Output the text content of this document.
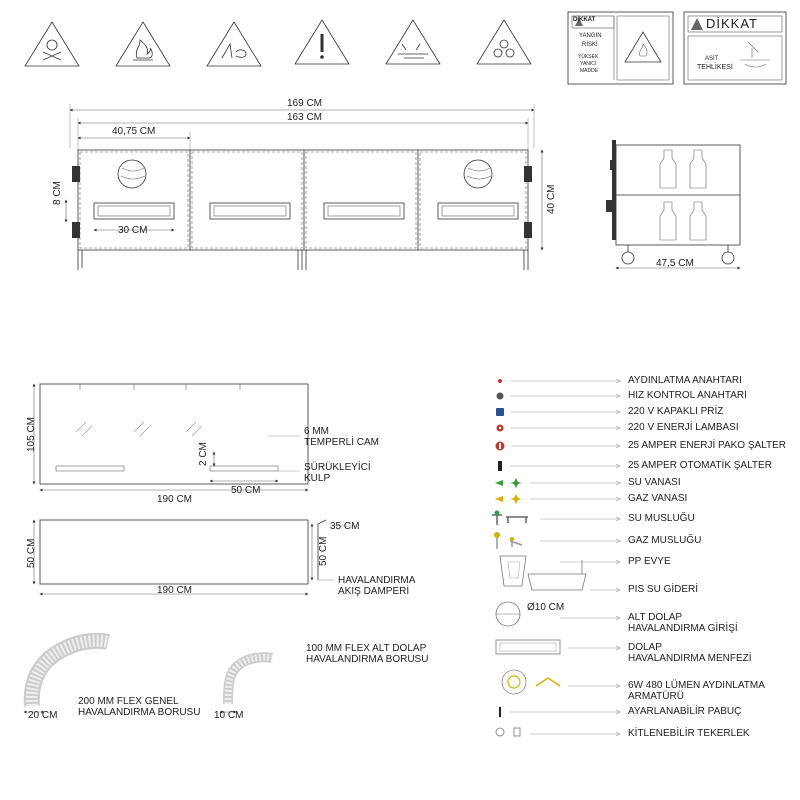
DİKKAT
YANGIN
RİSKİ
YÜKSEK
YANICI
MADDE
DİKKAT
ASİT
TEHLİKESİ
169 CM
163 CM
40,75 CM
30 CM
8 CM	40 CM
47,5 CM
105 CM
190 CM
50 CM
2 CM
6 MM
TEMPERLİ CAM
SÜRÜKLEYİCİ
KULP
50 CM
190 CM
35 CM
50 CM
HAVALANDIRMA
AKIŞ DAMPERİ
100 MM FLEX ALT DOLAP
HAVALANDIRMA BORUSU
200 MM FLEX GENEL
HAVALANDIRMA BORUSU
20 CM	10 CM
AYDINLATMA ANAHTARI
HIZ KONTROL ANAHTARI
220 V KAPAKLI PRİZ
220 V ENERJİ LAMBASI
25 AMPER ENERJİ PAKO ŞALTER
25 AMPER OTOMATİK ŞALTER
SU VANASI
GAZ VANASI
SU MUSLUĞU
GAZ MUSLUĞU
PP EVYE
PIS SU GİDERİ
ALT DOLAP
HAVALANDIRMA GİRİŞİ
Ø10 CM
DOLAP
HAVALANDIRMA MENFEZİ
6W 480 LÜMEN AYDINLATMA
ARMATÜRÜ
AYARLANABİLİR PABUÇ
KİTLENEBİLİR TEKERLEK
